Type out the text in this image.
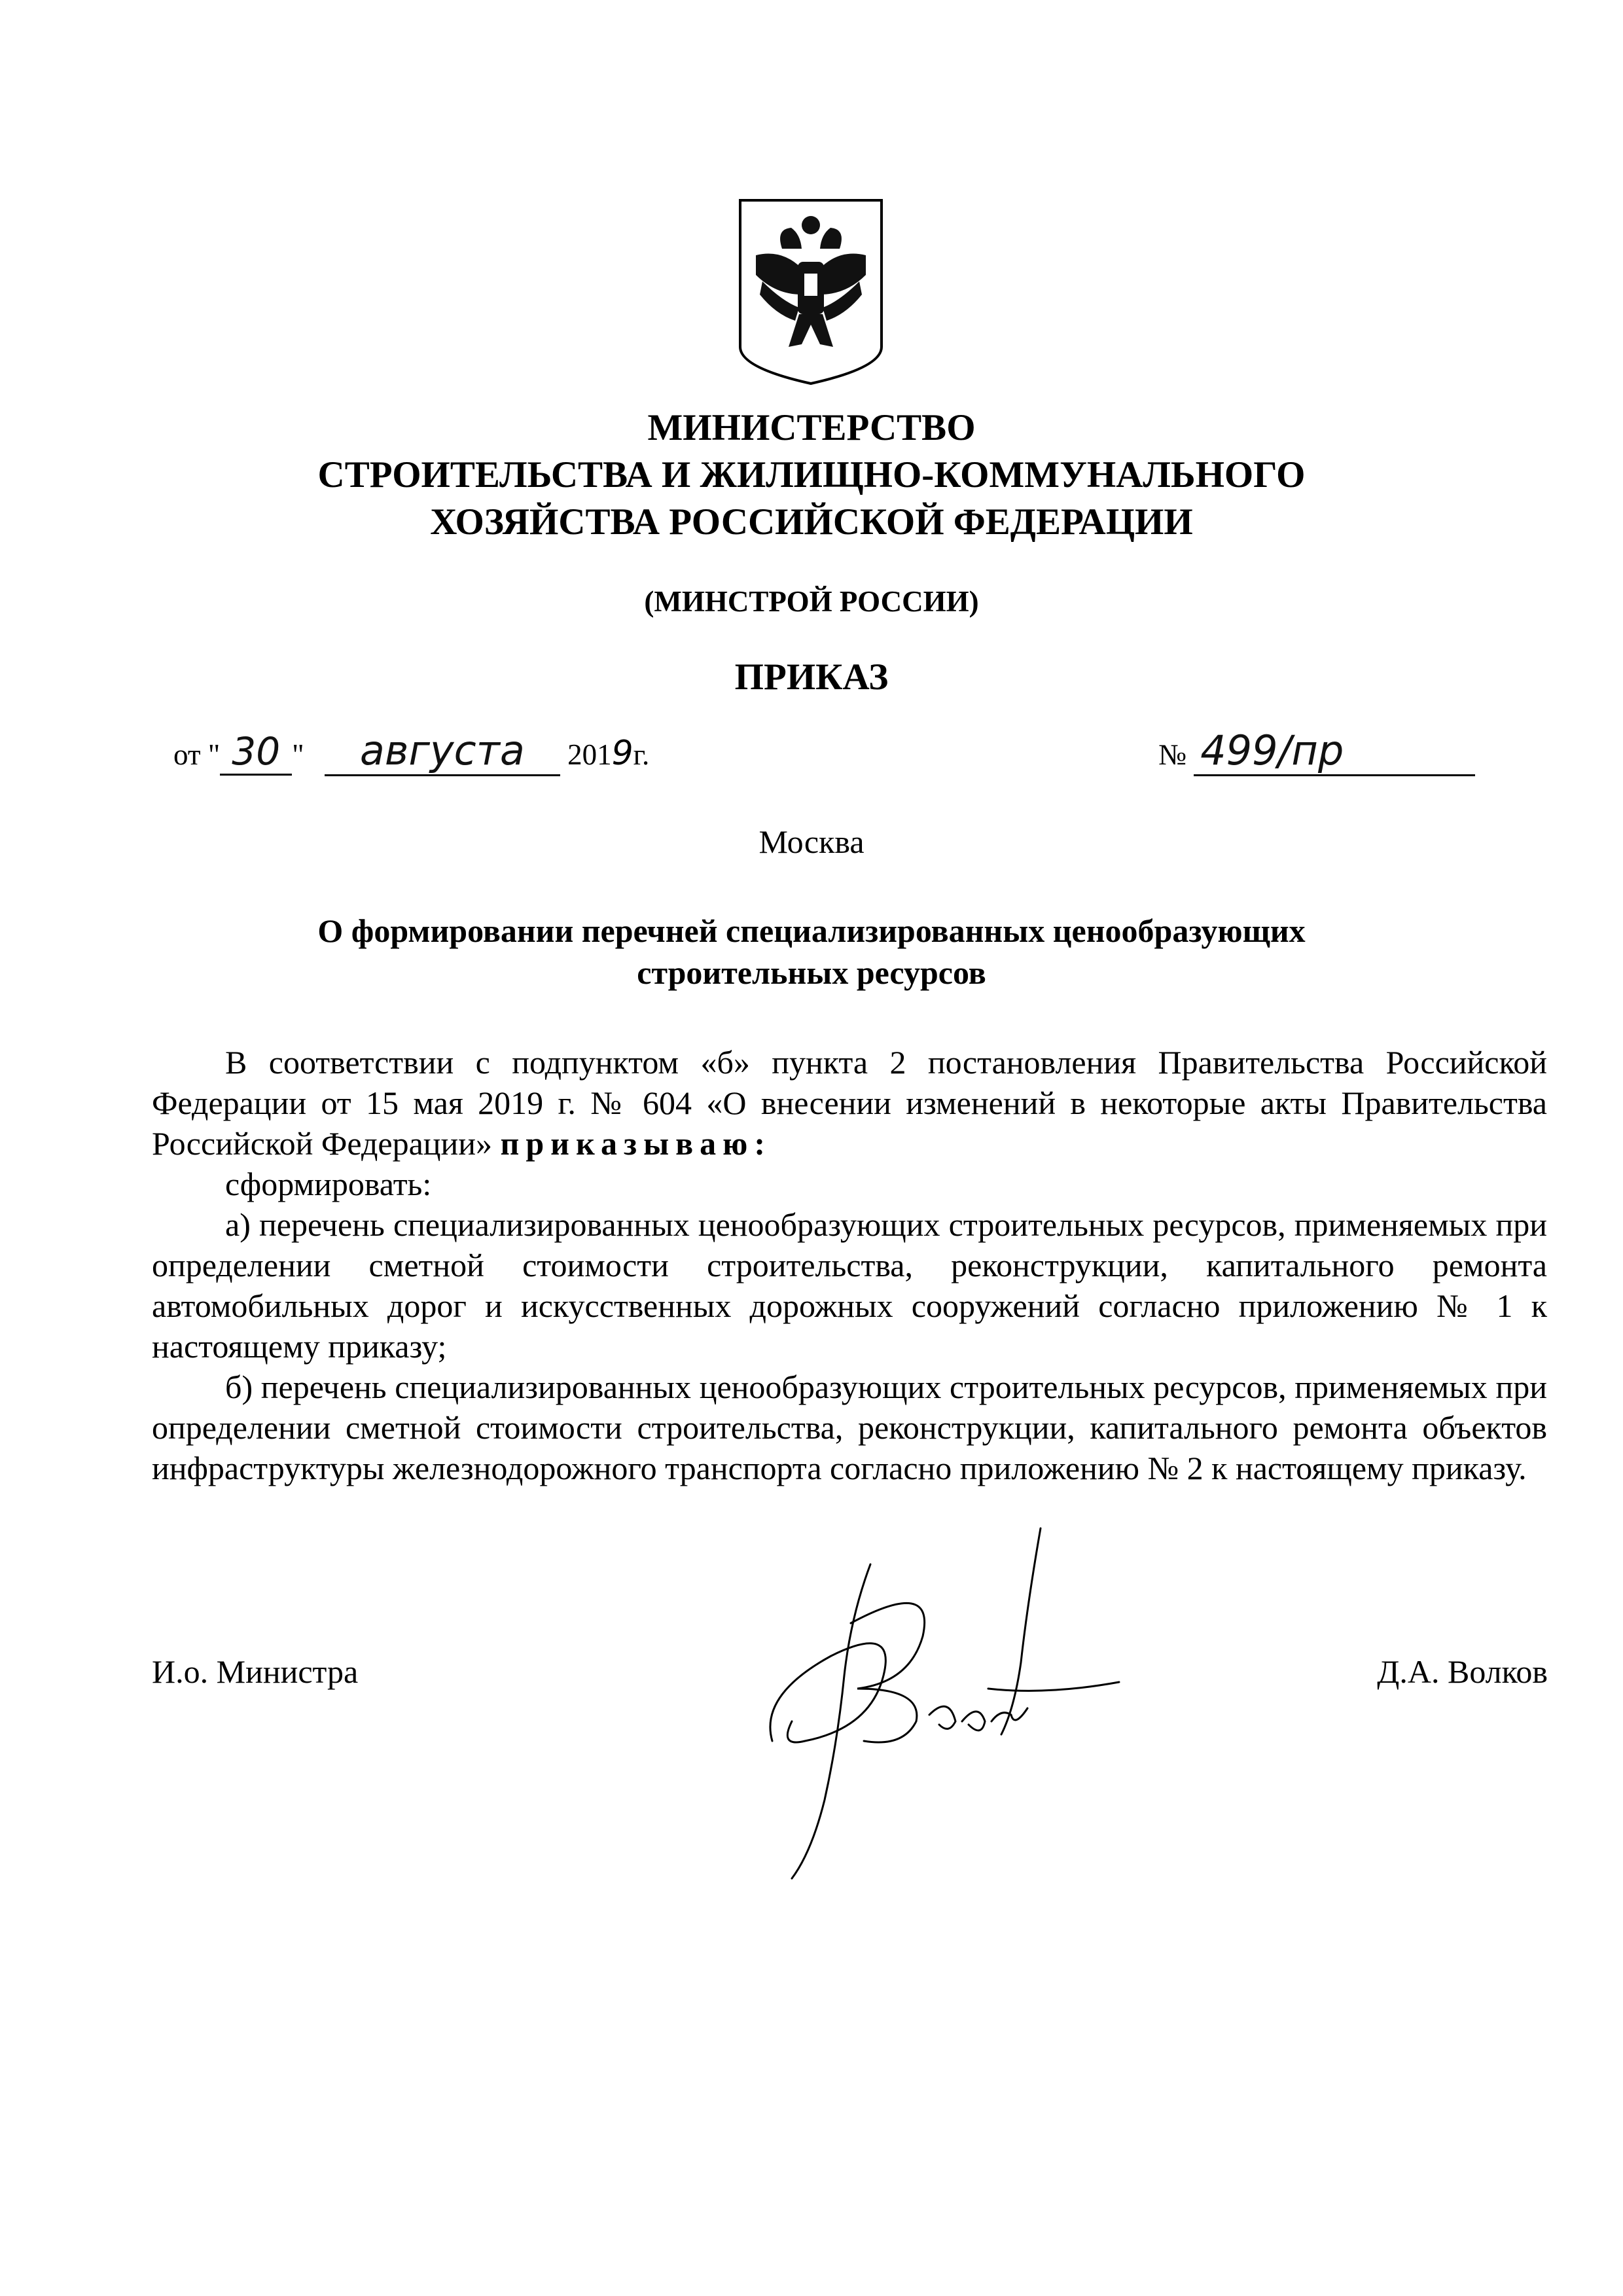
МИНИСТЕРСТВО
СТРОИТЕЛЬСТВА И ЖИЛИЩНО-КОММУНАЛЬНОГО
ХОЗЯЙСТВА РОССИЙСКОЙ ФЕДЕРАЦИИ
(МИНСТРОЙ РОССИИ)
ПРИКАЗ
от " 30 " августа 2019г.	№ 499/пр
Москва
О формировании перечней специализированных ценообразующих
строительных ресурсов

В соответствии с подпунктом «б» пункта 2 постановления Правительства Российской Федерации от 15 мая 2019 г. № 604 «О внесении изменений в некоторые акты Правительства Российской Федерации» приказываю:

сформировать:

а) перечень специализированных ценообразующих строительных ресурсов, применяемых при определении сметной стоимости строительства, реконструкции, капитального ремонта автомобильных дорог и искусственных дорожных сооружений согласно приложению № 1 к настоящему приказу;

б) перечень специализированных ценообразующих строительных ресурсов, применяемых при определении сметной стоимости строительства, реконструкции, капитального ремонта объектов инфраструктуры железнодорожного транспорта согласно приложению № 2 к настоящему приказу.

И.о. Министра	Д.А. Волков
